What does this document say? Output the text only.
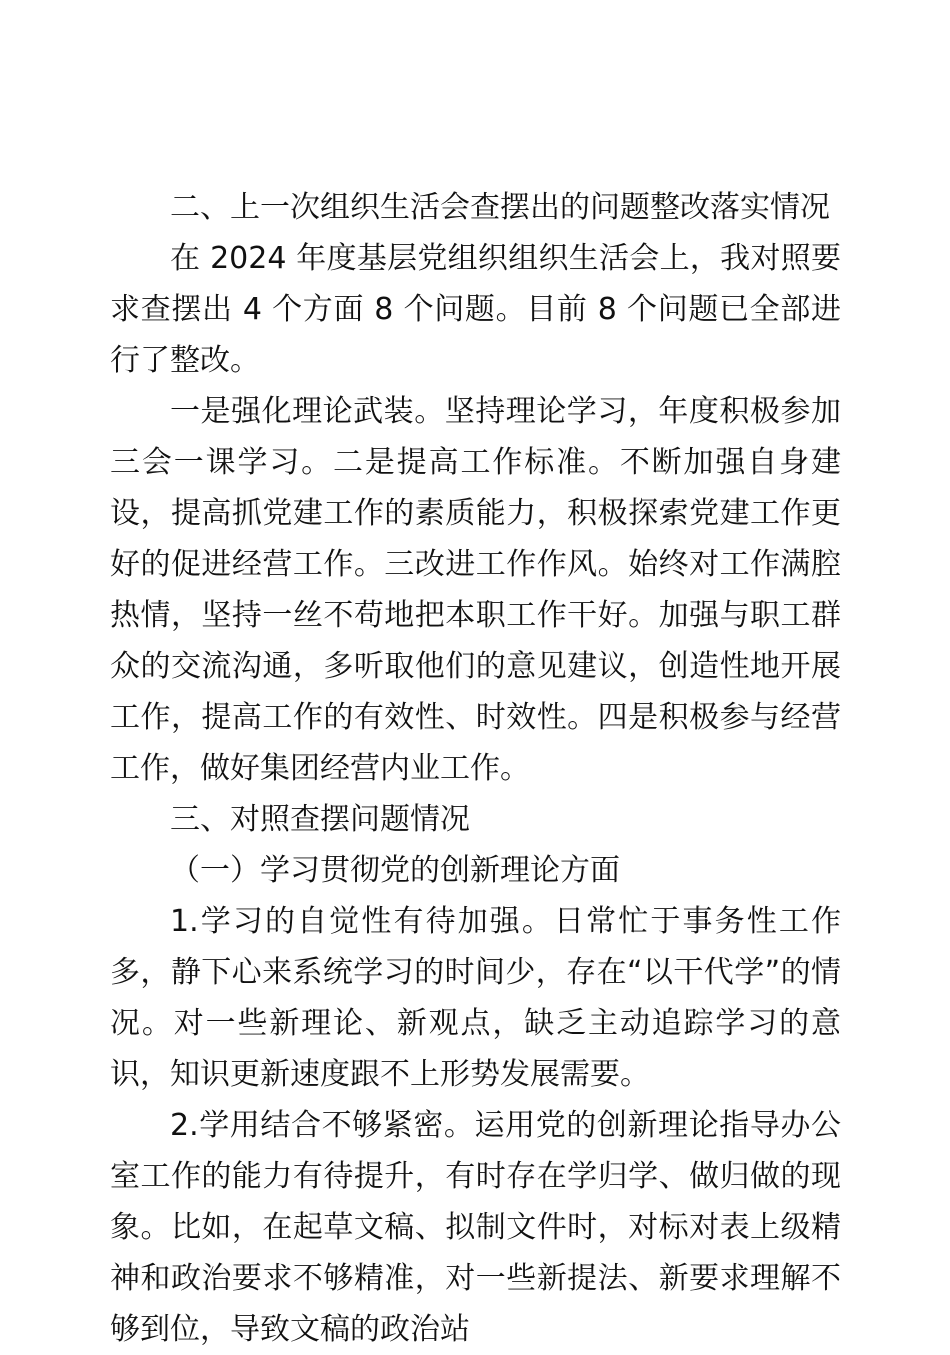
二、上一次组织生活会查摆出的问题整改落实情况

在 2024 年度基层党组织组织生活会上，我对照要求查摆出 4 个方面 8 个问题。目前 8 个问题已全部进行了整改。

一是强化理论武装。坚持理论学习，年度积极参加三会一课学习。二是提高工作标准。不断加强自身建设，提高抓党建工作的素质能力，积极探索党建工作更好的促进经营工作。三改进工作作风。始终对工作满腔热情，坚持一丝不苟地把本职工作干好。加强与职工群众的交流沟通，多听取他们的意见建议，创造性地开展工作，提高工作的有效性、时效性。四是积极参与经营工作，做好集团经营内业工作。

三、对照查摆问题情况

（一）学习贯彻党的创新理论方面

1.学习的自觉性有待加强。日常忙于事务性工作多，静下心来系统学习的时间少，存在“以干代学”的情况。对一些新理论、新观点，缺乏主动追踪学习的意识，知识更新速度跟不上形势发展需要。

2.学用结合不够紧密。运用党的创新理论指导办公室工作的能力有待提升，有时存在学归学、做归做的现象。比如，在起草文稿、拟制文件时，对标对表上级精神和政治要求不够精准，对一些新提法、新要求理解不够到位，导致文稿的政治站
